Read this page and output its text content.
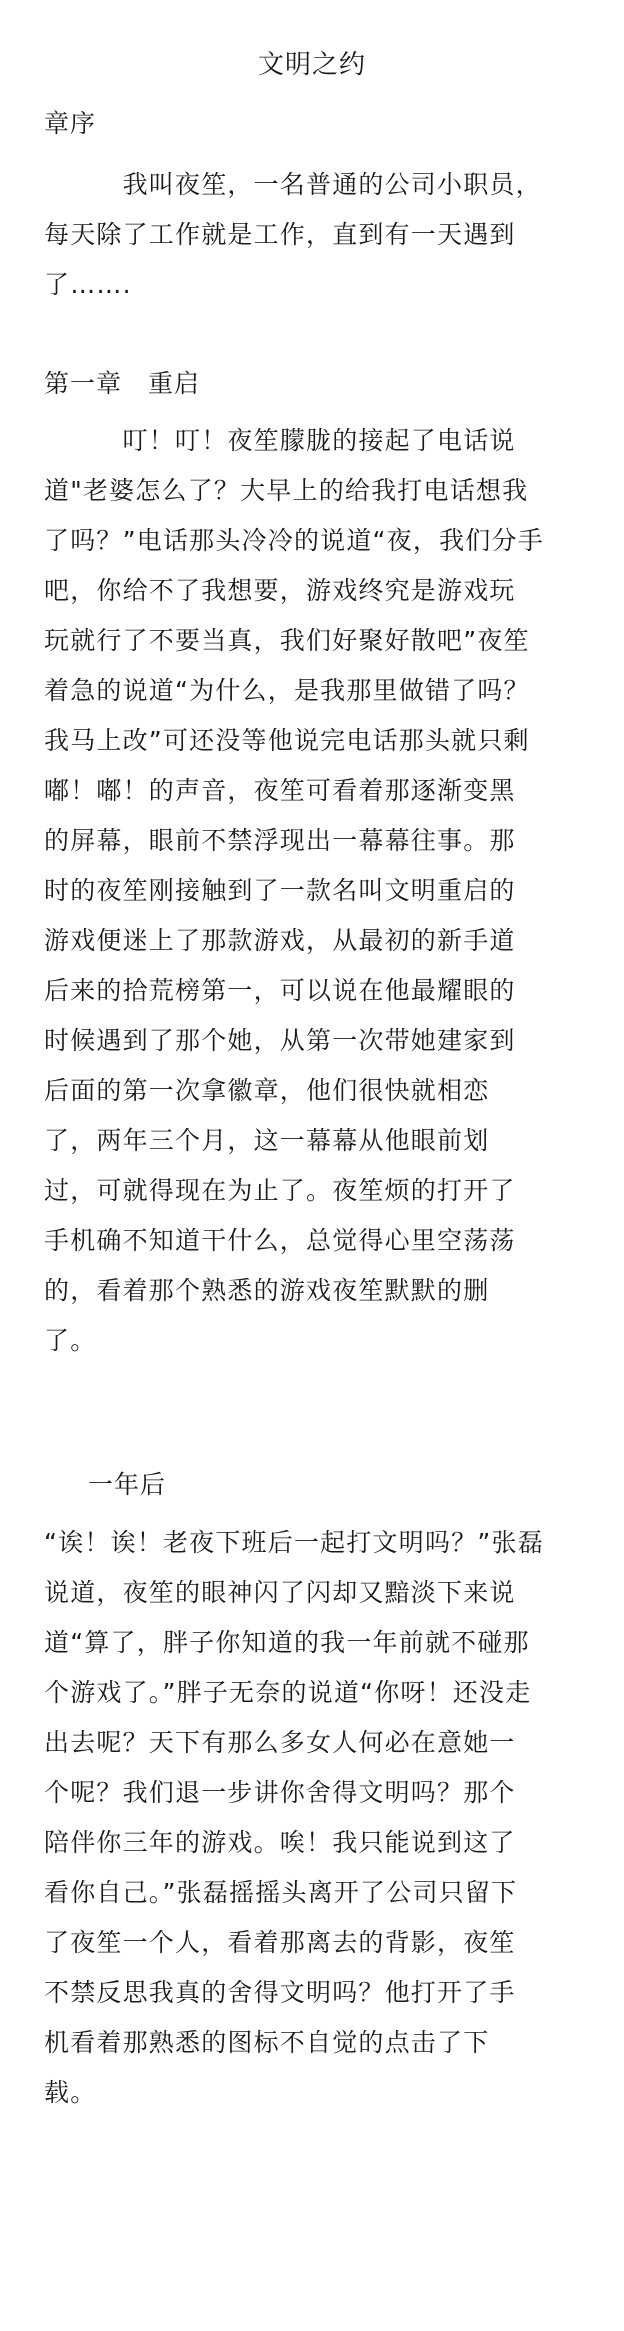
文明之约
章序
　　　我叫夜笙，一名普通的公司小职员，
每天除了工作就是工作，直到有一天遇到
了…….
第一章　重启
　　　叮！叮！夜笙朦胧的接起了电话说
道"老婆怎么了？大早上的给我打电话想我
了吗？”电话那头冷冷的说道“夜，我们分手
吧，你给不了我想要，游戏终究是游戏玩
玩就行了不要当真，我们好聚好散吧”夜笙
着急的说道“为什么，是我那里做错了吗？
我马上改”可还没等他说完电话那头就只剩
嘟！嘟！的声音，夜笙可看着那逐渐变黑
的屏幕，眼前不禁浮现出一幕幕往事。那
时的夜笙刚接触到了一款名叫文明重启的
游戏便迷上了那款游戏，从最初的新手道
后来的拾荒榜第一，可以说在他最耀眼的
时候遇到了那个她，从第一次带她建家到
后面的第一次拿徽章，他们很快就相恋
了，两年三个月，这一幕幕从他眼前划
过，可就得现在为止了。夜笙烦的打开了
手机确不知道干什么，总觉得心里空荡荡
的，看着那个熟悉的游戏夜笙默默的删
了。
一年后
“诶！诶！老夜下班后一起打文明吗？”张磊
说道，夜笙的眼神闪了闪却又黯淡下来说
道“算了，胖子你知道的我一年前就不碰那
个游戏了。”胖子无奈的说道“你呀！还没走
出去呢？天下有那么多女人何必在意她一
个呢？我们退一步讲你舍得文明吗？那个
陪伴你三年的游戏。唉！我只能说到这了
看你自己。”张磊摇摇头离开了公司只留下
了夜笙一个人，看着那离去的背影，夜笙
不禁反思我真的舍得文明吗？他打开了手
机看着那熟悉的图标不自觉的点击了下
载。
